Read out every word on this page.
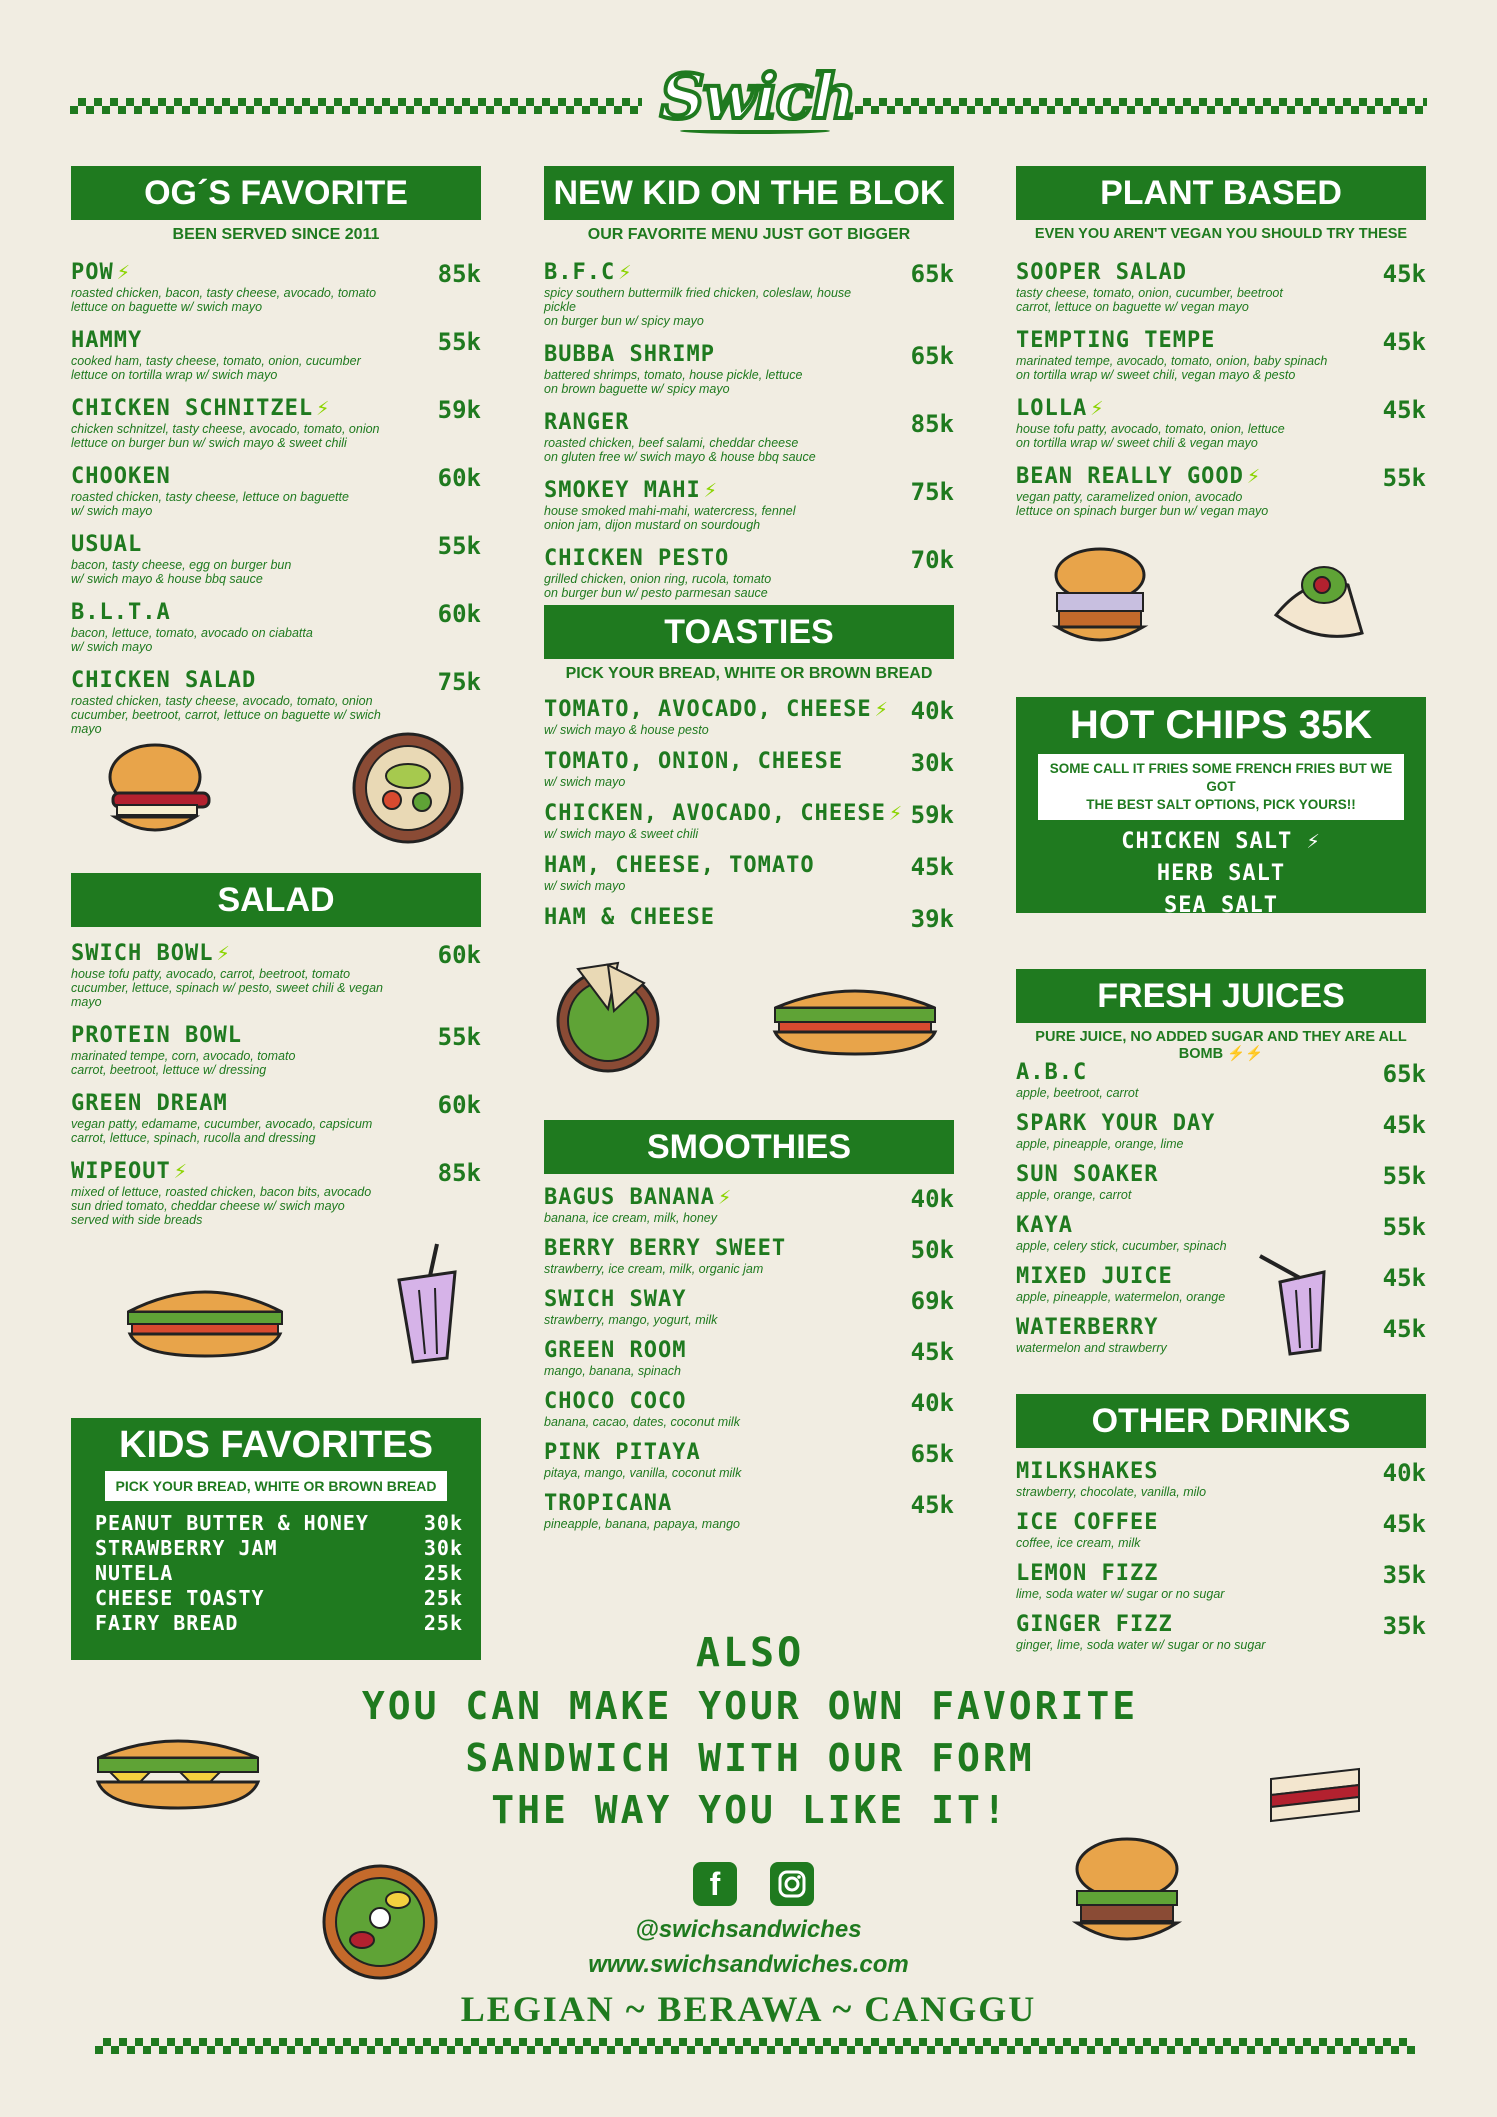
Swich
OG´S FAVORITE
BEEN SERVED SINCE 2011
POW ⚡	85k
roasted chicken, bacon, tasty cheese, avocado, tomato
lettuce on baguette w/ swich mayo
HAMMY	55k
cooked ham, tasty cheese, tomato, onion, cucumber
lettuce on tortilla wrap w/ swich mayo
CHICKEN SCHNITZEL ⚡	59k
chicken schnitzel, tasty cheese, avocado, tomato, onion
lettuce on burger bun w/ swich mayo & sweet chili
CHOOKEN	60k
roasted chicken, tasty cheese, lettuce on baguette
w/ swich mayo
USUAL	55k
bacon, tasty cheese, egg on burger bun
w/ swich mayo & house bbq sauce
B.L.T.A	60k
bacon, lettuce, tomato, avocado on ciabatta
w/ swich mayo
CHICKEN SALAD	75k
roasted chicken, tasty cheese, avocado, tomato, onion
cucumber, beetroot, carrot, lettuce on baguette w/ swich mayo
SALAD
SWICH BOWL ⚡	60k
house tofu patty, avocado, carrot, beetroot, tomato
cucumber, lettuce, spinach w/ pesto, sweet chili & vegan mayo
PROTEIN BOWL	55k
marinated tempe, corn, avocado, tomato
carrot, beetroot, lettuce w/ dressing
GREEN DREAM	60k
vegan patty, edamame, cucumber, avocado, capsicum
carrot, lettuce, spinach, rucolla and dressing
WIPEOUT ⚡	85k
mixed of lettuce, roasted chicken, bacon bits, avocado
sun dried tomato, cheddar cheese w/ swich mayo
served with side breads
KIDS FAVORITES
PICK YOUR BREAD, WHITE OR BROWN BREAD
PEANUT BUTTER & HONEY	30k
STRAWBERRY JAM	30k
NUTELA	25k
CHEESE TOASTY	25k
FAIRY BREAD	25k
NEW KID ON THE BLOK
OUR FAVORITE MENU JUST GOT BIGGER
B.F.C ⚡	65k
spicy southern buttermilk fried chicken, coleslaw, house pickle
on burger bun w/ spicy mayo
BUBBA SHRIMP	65k
battered shrimps, tomato, house pickle, lettuce
on brown baguette w/ spicy mayo
RANGER	85k
roasted chicken, beef salami, cheddar cheese
on gluten free w/ swich mayo & house bbq sauce
SMOKEY MAHI ⚡	75k
house smoked mahi-mahi, watercress, fennel
onion jam, dijon mustard on sourdough
CHICKEN PESTO	70k
grilled chicken, onion ring, rucola, tomato
on burger bun w/ pesto parmesan sauce
TOASTIES
PICK YOUR BREAD, WHITE OR BROWN BREAD
TOMATO, AVOCADO, CHEESE ⚡ 40k
w/ swich mayo & house pesto
TOMATO, ONION, CHEESE	30k
w/ swich mayo
CHICKEN, AVOCADO, CHEESE ⚡ 59k
w/ swich mayo & sweet chili
HAM, CHEESE, TOMATO	45k
w/ swich mayo
HAM & CHEESE	39k
SMOOTHIES
BAGUS BANANA ⚡	40k
banana, ice cream, milk, honey
BERRY BERRY SWEET	50k
strawberry, ice cream, milk, organic jam
SWICH SWAY	69k
strawberry, mango, yogurt, milk
GREEN ROOM	45k
mango, banana, spinach
CHOCO COCO	40k
banana, cacao, dates, coconut milk
PINK PITAYA	65k
pitaya, mango, vanilla, coconut milk
TROPICANA	45k
pineapple, banana, papaya, mango
PLANT BASED
EVEN YOU AREN'T VEGAN YOU SHOULD TRY THESE
SOOPER SALAD	45k
tasty cheese, tomato, onion, cucumber, beetroot
carrot, lettuce on baguette w/ vegan mayo
TEMPTING TEMPE	45k
marinated tempe, avocado, tomato, onion, baby spinach
on tortilla wrap w/ sweet chili, vegan mayo & pesto
LOLLA ⚡	45k
house tofu patty, avocado, tomato, onion, lettuce
on tortilla wrap w/ sweet chili & vegan mayo
BEAN REALLY GOOD ⚡	55k
vegan patty, caramelized onion, avocado
lettuce on spinach burger bun w/ vegan mayo
HOT CHIPS 35K
SOME CALL IT FRIES SOME FRENCH FRIES BUT WE GOT
THE BEST SALT OPTIONS, PICK YOURS!!
CHICKEN SALT ⚡
HERB SALT
SEA SALT
FRESH JUICES
PURE JUICE, NO ADDED SUGAR AND THEY ARE ALL BOMB ⚡⚡
A.B.C	65k
apple, beetroot, carrot
SPARK YOUR DAY	45k
apple, pineapple, orange, lime
SUN SOAKER	55k
apple, orange, carrot
KAYA	55k
apple, celery stick, cucumber, spinach
MIXED JUICE	45k
apple, pineapple, watermelon, orange
WATERBERRY	45k
watermelon and strawberry
OTHER DRINKS
MILKSHAKES	40k
strawberry, chocolate, vanilla, milo
ICE COFFEE	45k
coffee, ice cream, milk
LEMON FIZZ	35k
lime, soda water w/ sugar or no sugar
GINGER FIZZ	35k
ginger, lime, soda water w/ sugar or no sugar
ALSO
YOU CAN MAKE YOUR OWN FAVORITE
SANDWICH WITH OUR FORM
THE WAY YOU LIKE IT!
f
@swichsandwiches
www.swichsandwiches.com
LEGIAN ~ BERAWA ~ CANGGU
